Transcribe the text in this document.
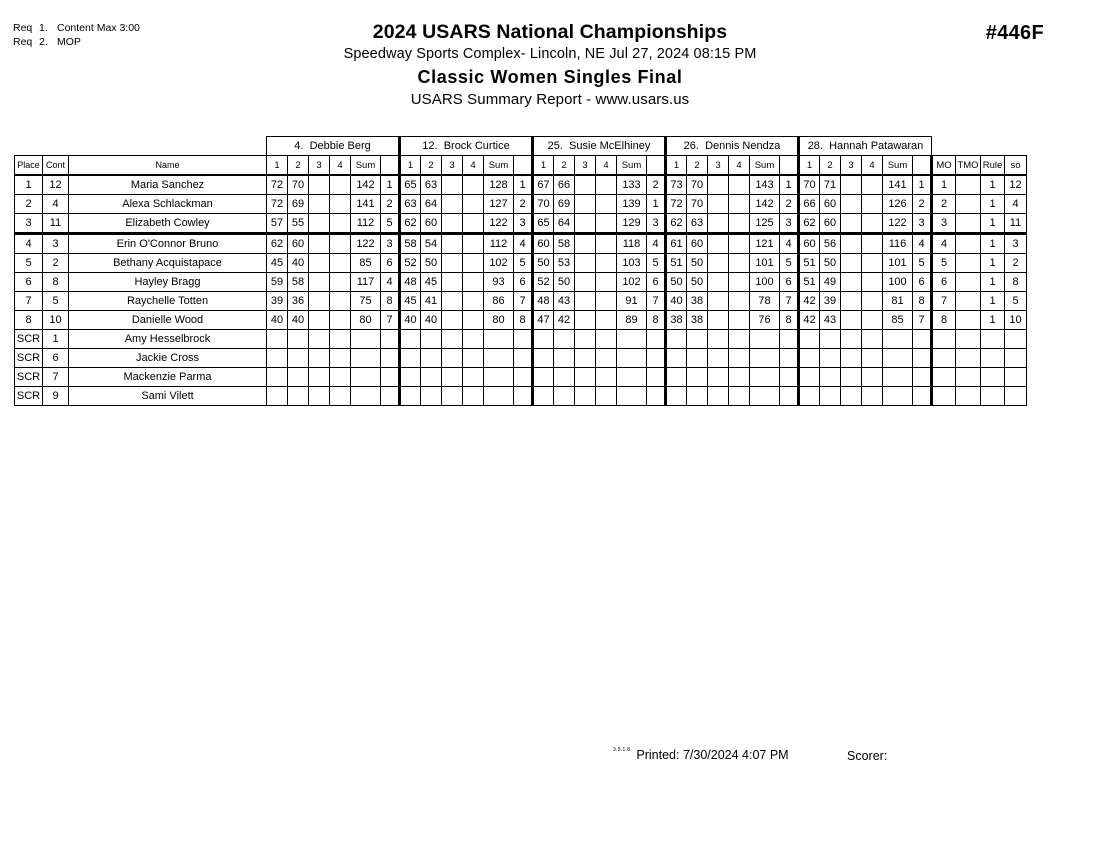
Req 1. Content Max 3:00
Req 2. MOP	2024 USARS National Championships
Speedway Sports Complex- Lincoln, NE Jul 27, 2024 08:15 PM
Classic Women Singles Final
USARS Summary Report - www.usars.us
#446F
			4. Debbie Berg						12. Brock Curtice						25. Susie McElhiney						26. Dennis Nendza						28. Hannah Patawaran									
Place	Cont	Name	1	2	3	4	Sum	Ord	1	2	3	4	Sum	Ord	1	2	3	4	Sum	Ord	1	2	3	4	Sum	Ord	1	2	3	4	Sum	Ord	MO	TMO	Rule	so
1	12	Maria Sanchez	72	70			142	1	65	63			128	1	67	66			133	2	73	70			143	1	70	71			141	1	1		1	12
2	4	Alexa Schlackman	72	69			141	2	63	64			127	2	70	69			139	1	72	70			142	2	66	60			126	2	2		1	4
3	11	Elizabeth Cowley	57	55			112	5	62	60			122	3	65	64			129	3	62	63			125	3	62	60			122	3	3		1	11
4	3	Erin O'Connor Bruno	62	60			122	3	58	54			112	4	60	58			118	4	61	60			121	4	60	56			116	4	4		1	3
5	2	Bethany Acquistapace	45	40			85	6	52	50			102	5	50	53			103	5	51	50			101	5	51	50			101	5	5		1	2
6	8	Hayley Bragg	59	58			117	4	48	45			93	6	52	50			102	6	50	50			100	6	51	49			100	6	6		1	8
7	5	Raychelle Totten	39	36			75	8	45	41			86	7	48	43			91	7	40	38			78	7	42	39			81	8	7		1	5
8	10	Danielle Wood	40	40			80	7	40	40			80	8	47	42			89	8	38	38			76	8	42	43			85	7	8		1	10
SCR	1	Amy Hesselbrock																																		
SCR	6	Jackie Cross																																		
SCR	7	Mackenzie Parma																																		
SCR	9	Sami Vilett																																		
$^{3.9.1.8}$ Printed: 7/30/2024 4:07 PM	Scorer:
